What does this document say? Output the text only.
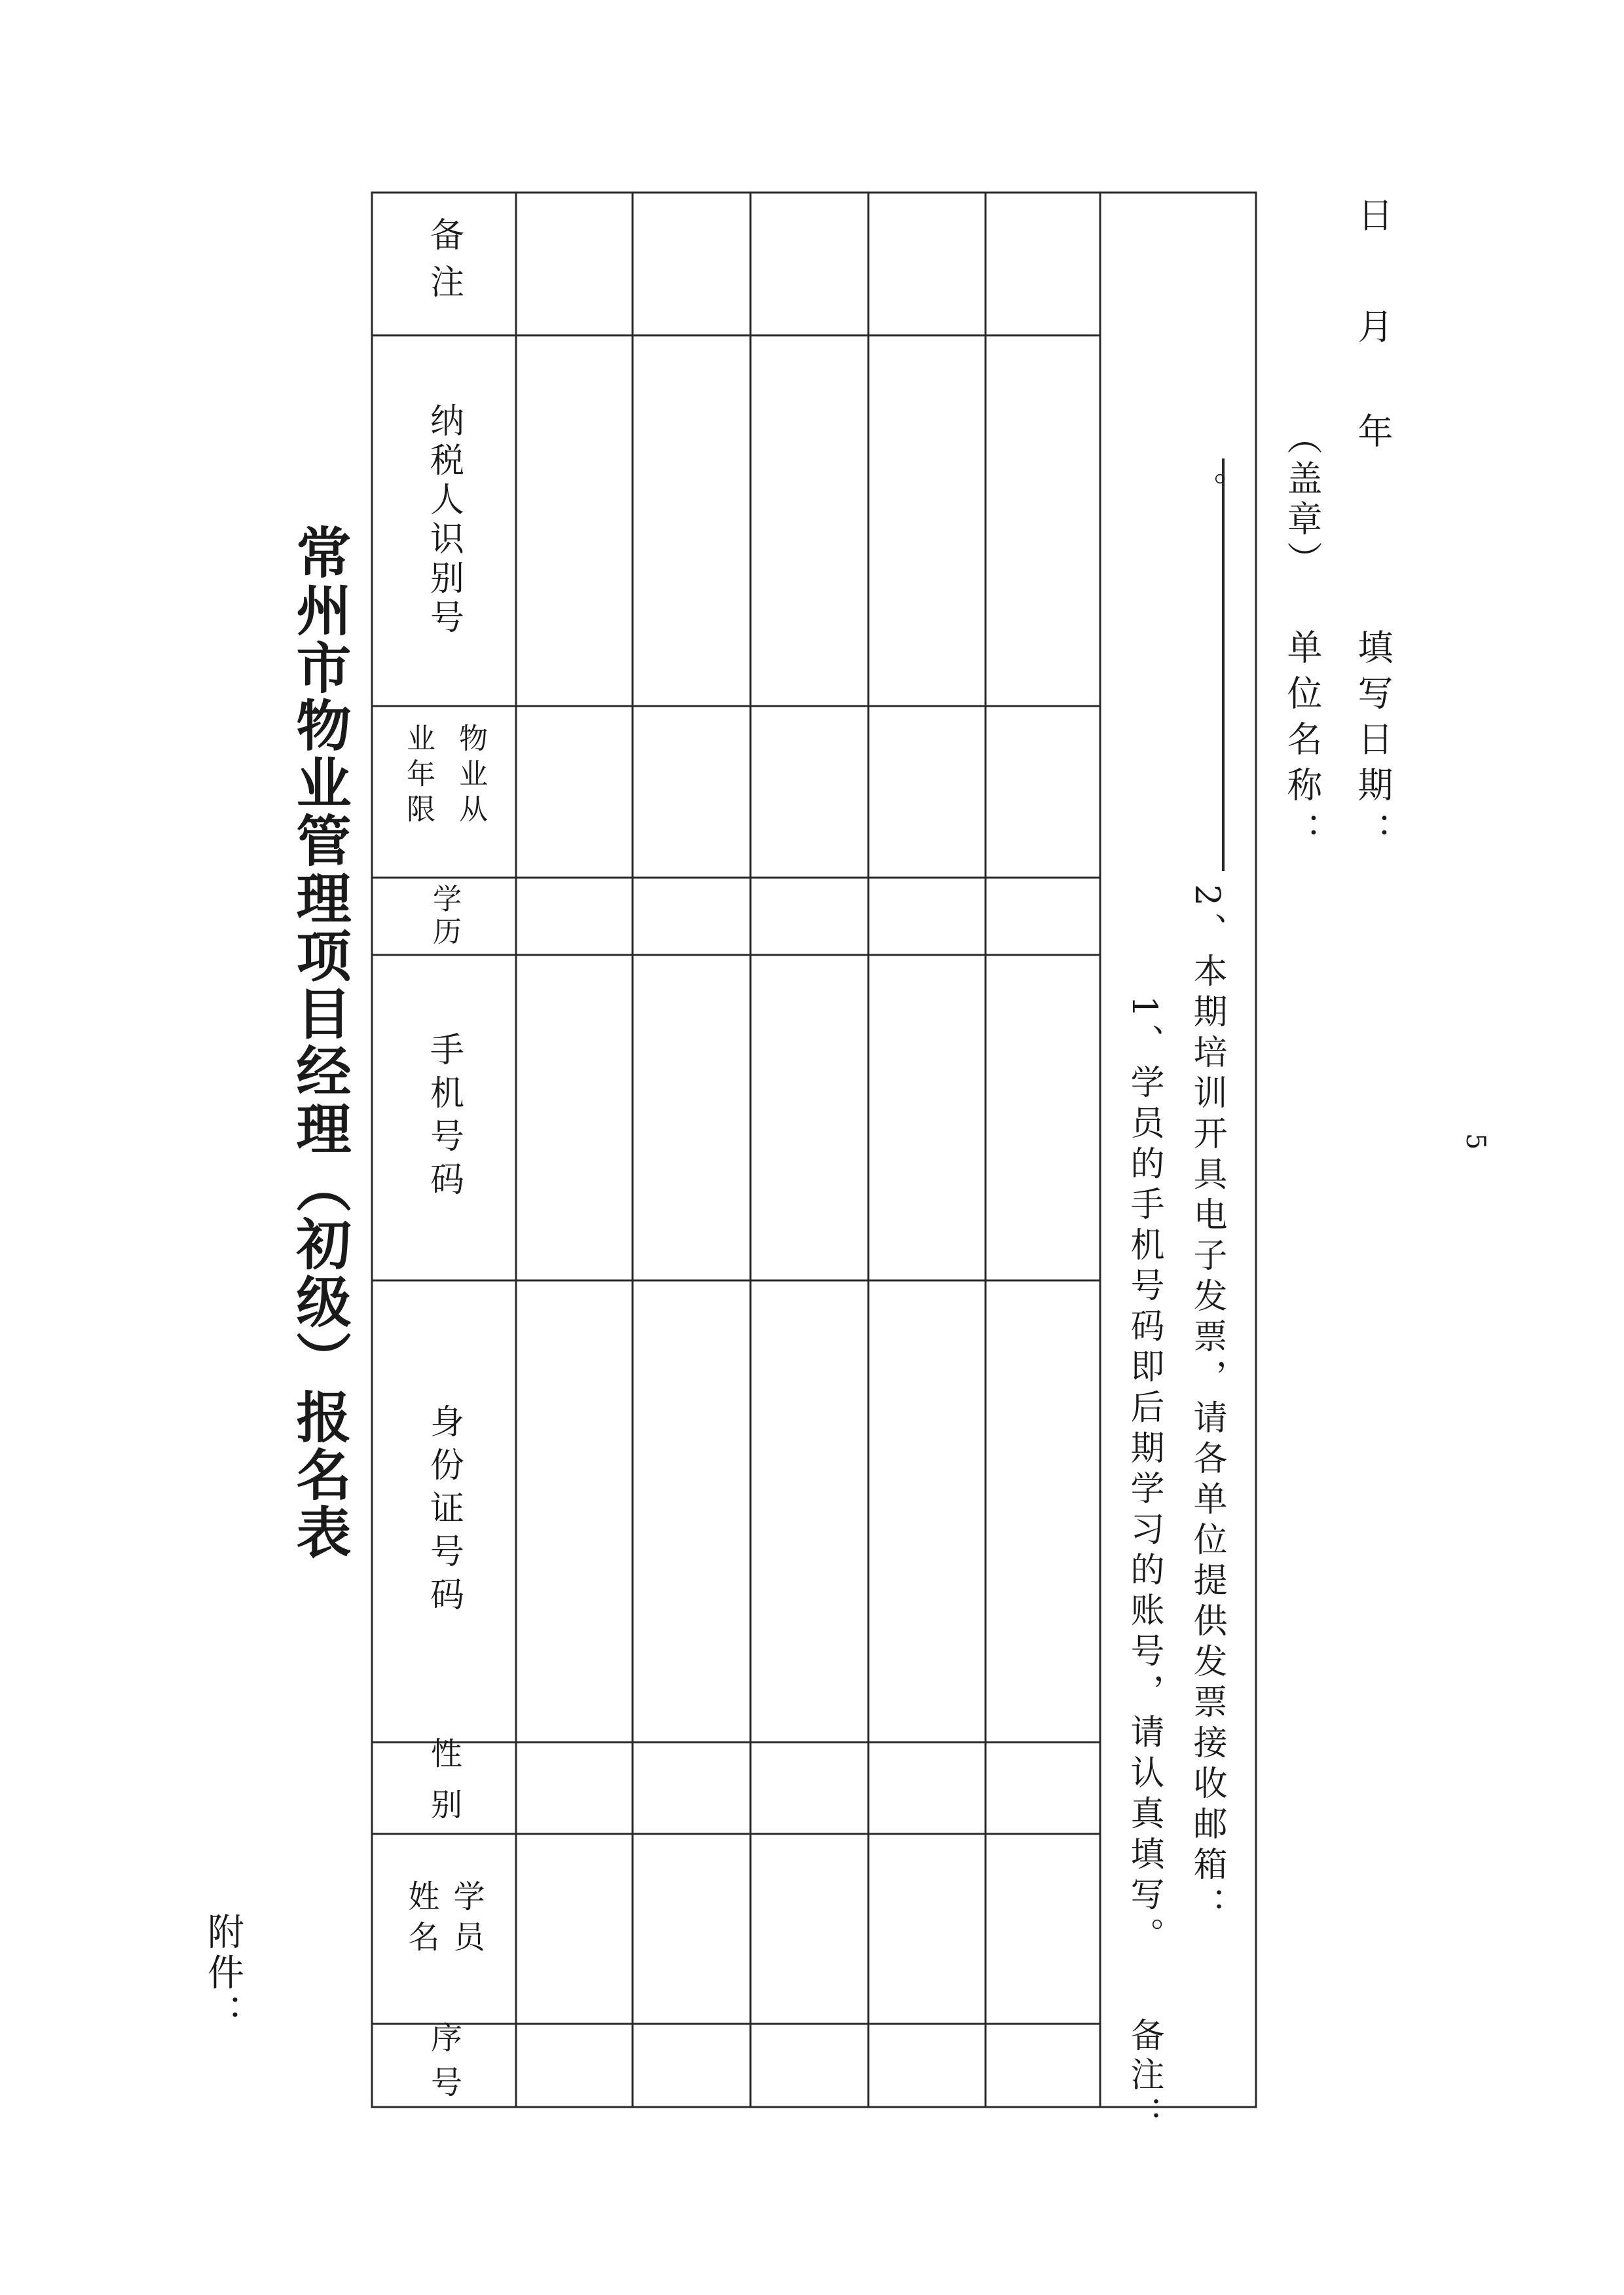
附件：
常州市物业管理项目经理（初级）报名表
序号
学员姓名
性别
身份证号码
手机号码
学历
物业从业年限
纳税人识别号
备注
备注：
1、学员的手机号码即后期学习的账号，请认真填写。 2、本期培训开具电子发票，请各单位提供发票接收邮箱：
。
单位名称：
（盖章）
填写日期：
年
月
日
5
